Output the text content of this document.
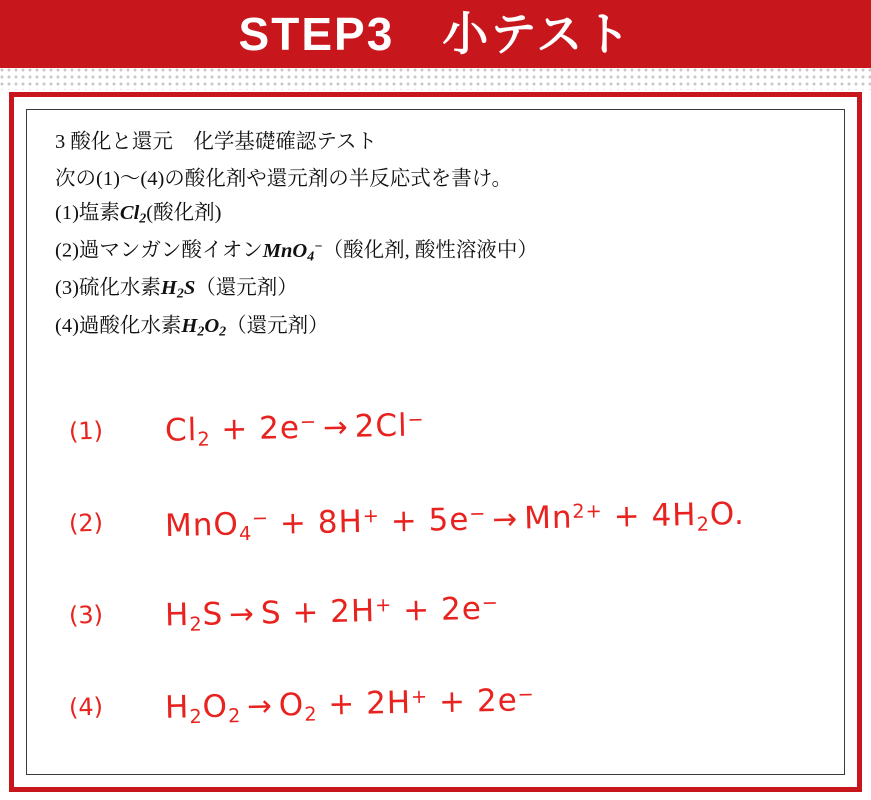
STEP3　小テスト
3 酸化と還元　化学基礎確認テスト
次の(1)〜(4)の酸化剤や還元剤の半反応式を書け。
(1)塩素$Cl_2$(酸化剤)
(2)過マンガン酸イオンMnO$_4$−（酸化剤, 酸性溶液中）
(3)硫化水素$H_2S$（還元剤）
(4)過酸化水素$H_2O_2$（還元剤）
(1)	Cl2 + 2e− → 2Cl−
(2)	$MnO4^- + 8H^+ + 5e^- \to Mn^{2+} + 4H2O$.
(3)	H2S → S + 2H+ + 2e−
(4)	H2O2 → O2 + 2H+ + 2e−
